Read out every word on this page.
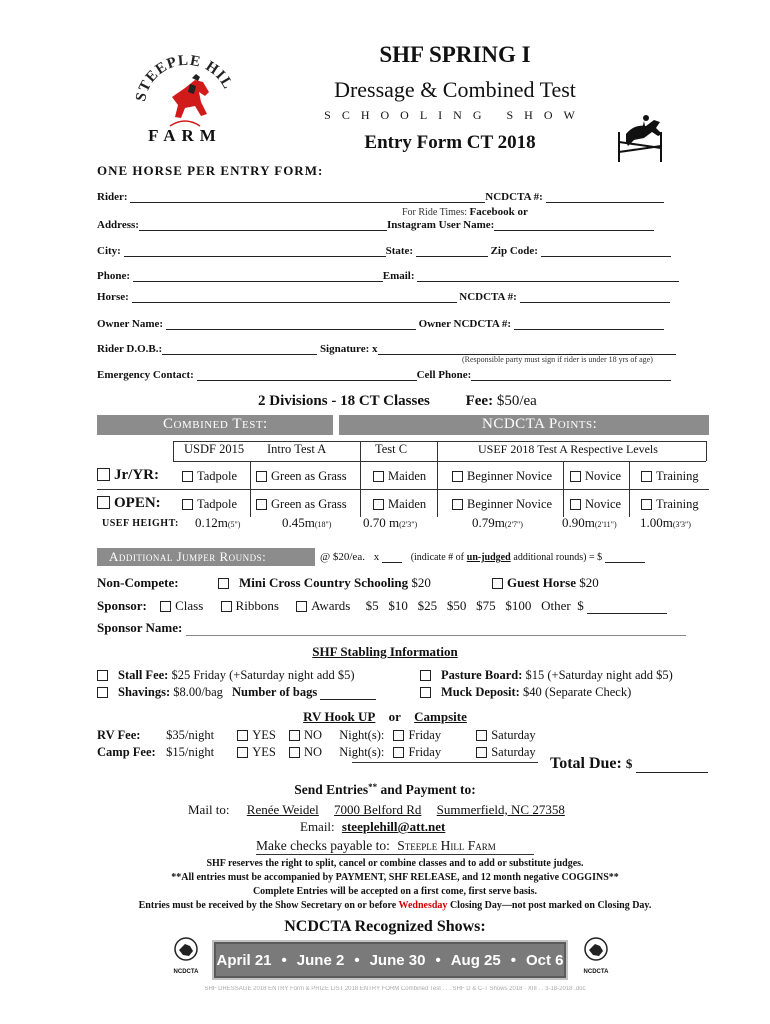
STEEPLE HIL
FARM
SHF SPRING I
Dressage & Combined Test
SCHOOLING SHOW
Entry Form CT 2018
ONE HORSE PER ENTRY FORM:
Rider:	NCDCTA #:
For Ride Times: Facebook or
Address:	Instagram User Name:
City:	State:	Zip Code:
Phone:	Email:
Horse:	NCDCTA #:
Owner Name:	Owner NCDCTA #:
Rider D.O.B.:	Signature: x
(Responsible party must sign if rider is under 18 yrs of age)
Emergency Contact:	Cell Phone:
2 Divisions - 18 CT Classes Fee: $50/ea
Combined Test:	NCDCTA Points:
USDF 2015 Intro Test A	Test C	USEF 2018 Test A Respective Levels
Jr/YR:	Tadpole	Green as Grass	Maiden	Beginner Novice	Novice	Training
OPEN:	Tadpole	Green as Grass	Maiden	Beginner Novice	Novice	Training
USEF HEIGHT: 0.12m(5")	0.45m(18") 0.70 m(2'3")	0.79m(2'7")	0.90m(2'11") 1.00m(3'3")
Additional Jumper Rounds:	@ $20/ea. x	(indicate # of un-judged additional rounds) = $
Non-Compete:	Mini Cross Country Schooling $20	Guest Horse $20
Sponsor: Class Ribbons Awards $5   $10   $25   $50   $75   $100   Other  $
Sponsor Name:
SHF Stabling Information
Stall Fee: $25 Friday (+Saturday night add $5)	Pasture Board: $15 (+Saturday night add $5)
Shavings: $8.00/bag Number of bags	Muck Deposit: $40 (Separate Check)
RV Hook UP or Campsite
RV Fee: $35/night	YES NO Night(s): Friday	Saturday
Camp Fee: $15/night	YES NO Night(s): Friday	Saturday
Total Due: $
Send Entries** and Payment to:
Mail to: Renée Weidel 7000 Belford Rd Summerfield, NC 27358
Email: steeplehill@att.net
Make checks payable to: Steeple Hill Farm
SHF reserves the right to split, cancel or combine classes and to add or substitute judges.
**All entries must be accompanied by PAYMENT, SHF RELEASE, and 12 month negative COGGINS**
Complete Entries will be accepted on a first come, first serve basis.
Entries must be received by the Show Secretary on or before Wednesday Closing Day—not post marked on Closing Day.
NCDCTA Recognized Shows:
NCDCTA	NCDCTA
April 21 • June 2 • June 30 • Aug 25 • Oct 6
SHF DRESSAGE 2018 ENTRY Form & PRIZE LIST 2018 ENTRY FORM Combined Test . . . SHF D & C-T Shows 2018 · XIII . . 3-18-2018 .doc
